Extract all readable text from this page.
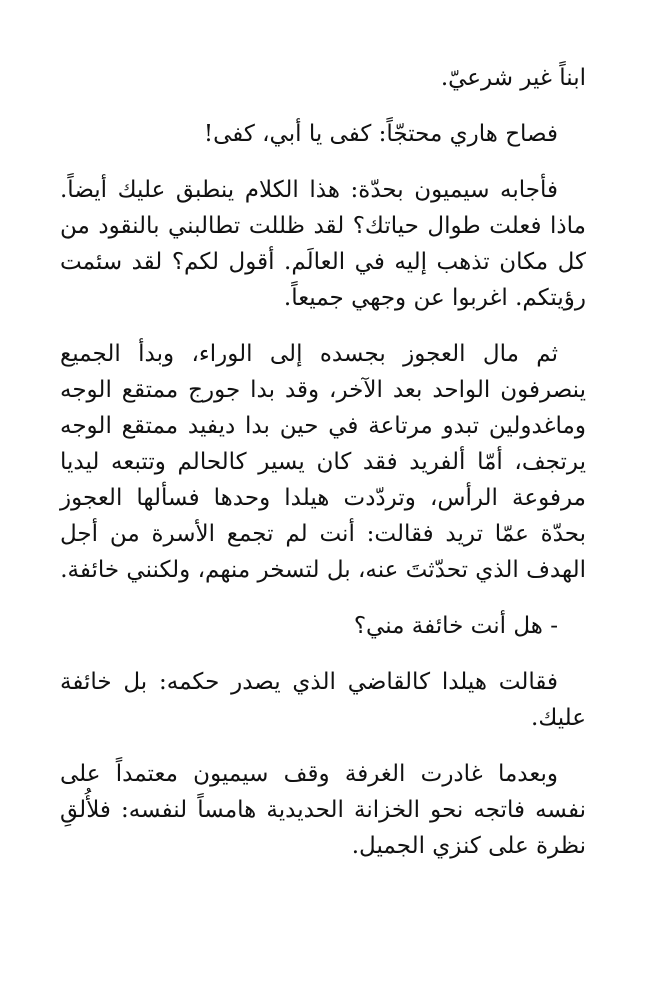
ابناً غير شرعيّ.

فصاح هاري محتجّاً: كفى يا أبي، كفى!

فأجابه سيميون بحدّة: هذا الكلام ينطبق عليك أيضاً. ماذا فعلت طوال حياتك؟ لقد ظللت تطالبني بالنقود من كل مكان تذهب إليه في العالَم. أقول لكم؟ لقد سئمت رؤيتكم. اغربوا عن وجهي جميعاً.

ثم مال العجوز بجسده إلى الوراء، وبدأ الجميع ينصرفون الواحد بعد الآخر، وقد بدا جورج ممتقع الوجه وماغدولين تبدو مرتاعة في حين بدا ديفيد ممتقع الوجه يرتجف، أمّا ألفريد فقد كان يسير كالحالم وتتبعه ليديا مرفوعة الرأس، وتردّدت هيلدا وحدها فسألها العجوز بحدّة عمّا تريد فقالت: أنت لم تجمع الأسرة من أجل الهدف الذي تحدّثتَ عنه، بل لتسخر منهم، ولكنني خائفة.

- هل أنت خائفة مني؟

فقالت هيلدا كالقاضي الذي يصدر حكمه: بل خائفة عليك.

وبعدما غادرت الغرفة وقف سيميون معتمداً على نفسه فاتجه نحو الخزانة الحديدية هامساً لنفسه: فلأُلقِ نظرة على كنزي الجميل.
